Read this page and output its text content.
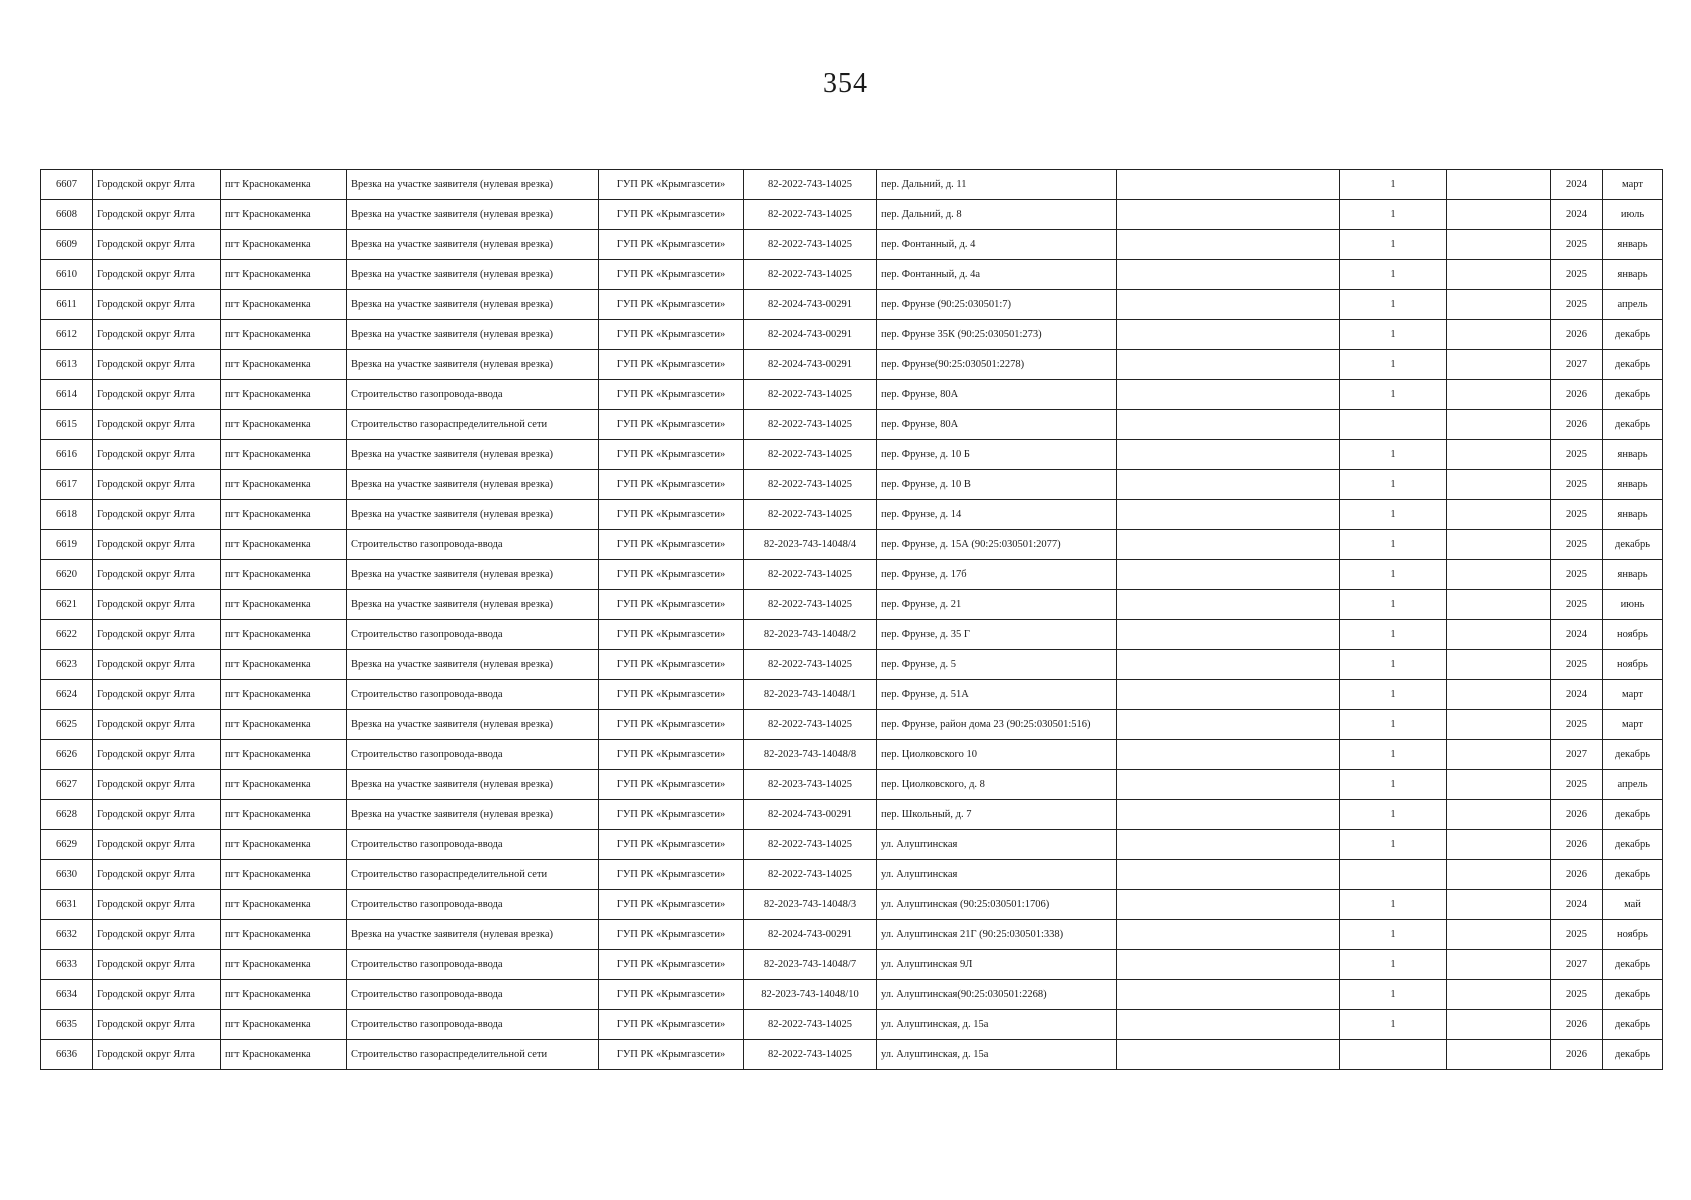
354
6607	Городской округ Ялта	пгт Краснокаменка	Врезка на участке заявителя (нулевая врезка)	ГУП РК «Крымгазсети»	82-2022-743-14025	пер. Дальний, д. 11		1		2024	март
6608	Городской округ Ялта	пгт Краснокаменка	Врезка на участке заявителя (нулевая врезка)	ГУП РК «Крымгазсети»	82-2022-743-14025	пер. Дальний, д. 8		1		2024	июль
6609	Городской округ Ялта	пгт Краснокаменка	Врезка на участке заявителя (нулевая врезка)	ГУП РК «Крымгазсети»	82-2022-743-14025	пер. Фонтанный, д. 4		1		2025	январь
6610	Городской округ Ялта	пгт Краснокаменка	Врезка на участке заявителя (нулевая врезка)	ГУП РК «Крымгазсети»	82-2022-743-14025	пер. Фонтанный, д. 4а		1		2025	январь
6611	Городской округ Ялта	пгт Краснокаменка	Врезка на участке заявителя (нулевая врезка)	ГУП РК «Крымгазсети»	82-2024-743-00291	пер. Фрунзе (90:25:030501:7)		1		2025	апрель
6612	Городской округ Ялта	пгт Краснокаменка	Врезка на участке заявителя (нулевая врезка)	ГУП РК «Крымгазсети»	82-2024-743-00291	пер. Фрунзе 35К (90:25:030501:273)		1		2026	декабрь
6613	Городской округ Ялта	пгт Краснокаменка	Врезка на участке заявителя (нулевая врезка)	ГУП РК «Крымгазсети»	82-2024-743-00291	пер. Фрунзе(90:25:030501:2278)		1		2027	декабрь
6614	Городской округ Ялта	пгт Краснокаменка	Строительство газопровода-ввода	ГУП РК «Крымгазсети»	82-2022-743-14025	пер. Фрунзе, 80А		1		2026	декабрь
6615	Городской округ Ялта	пгт Краснокаменка	Строительство газораспределительной сети	ГУП РК «Крымгазсети»	82-2022-743-14025	пер. Фрунзе, 80А				2026	декабрь
6616	Городской округ Ялта	пгт Краснокаменка	Врезка на участке заявителя (нулевая врезка)	ГУП РК «Крымгазсети»	82-2022-743-14025	пер. Фрунзе, д. 10 Б		1		2025	январь
6617	Городской округ Ялта	пгт Краснокаменка	Врезка на участке заявителя (нулевая врезка)	ГУП РК «Крымгазсети»	82-2022-743-14025	пер. Фрунзе, д. 10 В		1		2025	январь
6618	Городской округ Ялта	пгт Краснокаменка	Врезка на участке заявителя (нулевая врезка)	ГУП РК «Крымгазсети»	82-2022-743-14025	пер. Фрунзе, д. 14		1		2025	январь
6619	Городской округ Ялта	пгт Краснокаменка	Строительство газопровода-ввода	ГУП РК «Крымгазсети»	82-2023-743-14048/4	пер. Фрунзе, д. 15А (90:25:030501:2077)		1		2025	декабрь
6620	Городской округ Ялта	пгт Краснокаменка	Врезка на участке заявителя (нулевая врезка)	ГУП РК «Крымгазсети»	82-2022-743-14025	пер. Фрунзе, д. 17б		1		2025	январь
6621	Городской округ Ялта	пгт Краснокаменка	Врезка на участке заявителя (нулевая врезка)	ГУП РК «Крымгазсети»	82-2022-743-14025	пер. Фрунзе, д. 21		1		2025	июнь
6622	Городской округ Ялта	пгт Краснокаменка	Строительство газопровода-ввода	ГУП РК «Крымгазсети»	82-2023-743-14048/2	пер. Фрунзе, д. 35 Г		1		2024	ноябрь
6623	Городской округ Ялта	пгт Краснокаменка	Врезка на участке заявителя (нулевая врезка)	ГУП РК «Крымгазсети»	82-2022-743-14025	пер. Фрунзе, д. 5		1		2025	ноябрь
6624	Городской округ Ялта	пгт Краснокаменка	Строительство газопровода-ввода	ГУП РК «Крымгазсети»	82-2023-743-14048/1	пер. Фрунзе, д. 51А		1		2024	март
6625	Городской округ Ялта	пгт Краснокаменка	Врезка на участке заявителя (нулевая врезка)	ГУП РК «Крымгазсети»	82-2022-743-14025	пер. Фрунзе, район дома 23 (90:25:030501:516)		1		2025	март
6626	Городской округ Ялта	пгт Краснокаменка	Строительство газопровода-ввода	ГУП РК «Крымгазсети»	82-2023-743-14048/8	пер. Циолковского 10		1		2027	декабрь
6627	Городской округ Ялта	пгт Краснокаменка	Врезка на участке заявителя (нулевая врезка)	ГУП РК «Крымгазсети»	82-2023-743-14025	пер. Циолковского, д. 8		1		2025	апрель
6628	Городской округ Ялта	пгт Краснокаменка	Врезка на участке заявителя (нулевая врезка)	ГУП РК «Крымгазсети»	82-2024-743-00291	пер. Школьный, д. 7		1		2026	декабрь
6629	Городской округ Ялта	пгт Краснокаменка	Строительство газопровода-ввода	ГУП РК «Крымгазсети»	82-2022-743-14025	ул. Алуштинская		1		2026	декабрь
6630	Городской округ Ялта	пгт Краснокаменка	Строительство газораспределительной сети	ГУП РК «Крымгазсети»	82-2022-743-14025	ул. Алуштинская				2026	декабрь
6631	Городской округ Ялта	пгт Краснокаменка	Строительство газопровода-ввода	ГУП РК «Крымгазсети»	82-2023-743-14048/3	ул. Алуштинская (90:25:030501:1706)		1		2024	май
6632	Городской округ Ялта	пгт Краснокаменка	Врезка на участке заявителя (нулевая врезка)	ГУП РК «Крымгазсети»	82-2024-743-00291	ул. Алуштинская 21Г (90:25:030501:338)		1		2025	ноябрь
6633	Городской округ Ялта	пгт Краснокаменка	Строительство газопровода-ввода	ГУП РК «Крымгазсети»	82-2023-743-14048/7	ул. Алуштинская 9Л		1		2027	декабрь
6634	Городской округ Ялта	пгт Краснокаменка	Строительство газопровода-ввода	ГУП РК «Крымгазсети»	82-2023-743-14048/10	ул. Алуштинская(90:25:030501:2268)		1		2025	декабрь
6635	Городской округ Ялта	пгт Краснокаменка	Строительство газопровода-ввода	ГУП РК «Крымгазсети»	82-2022-743-14025	ул. Алуштинская, д. 15а		1		2026	декабрь
6636	Городской округ Ялта	пгт Краснокаменка	Строительство газораспределительной сети	ГУП РК «Крымгазсети»	82-2022-743-14025	ул. Алуштинская, д. 15а				2026	декабрь
